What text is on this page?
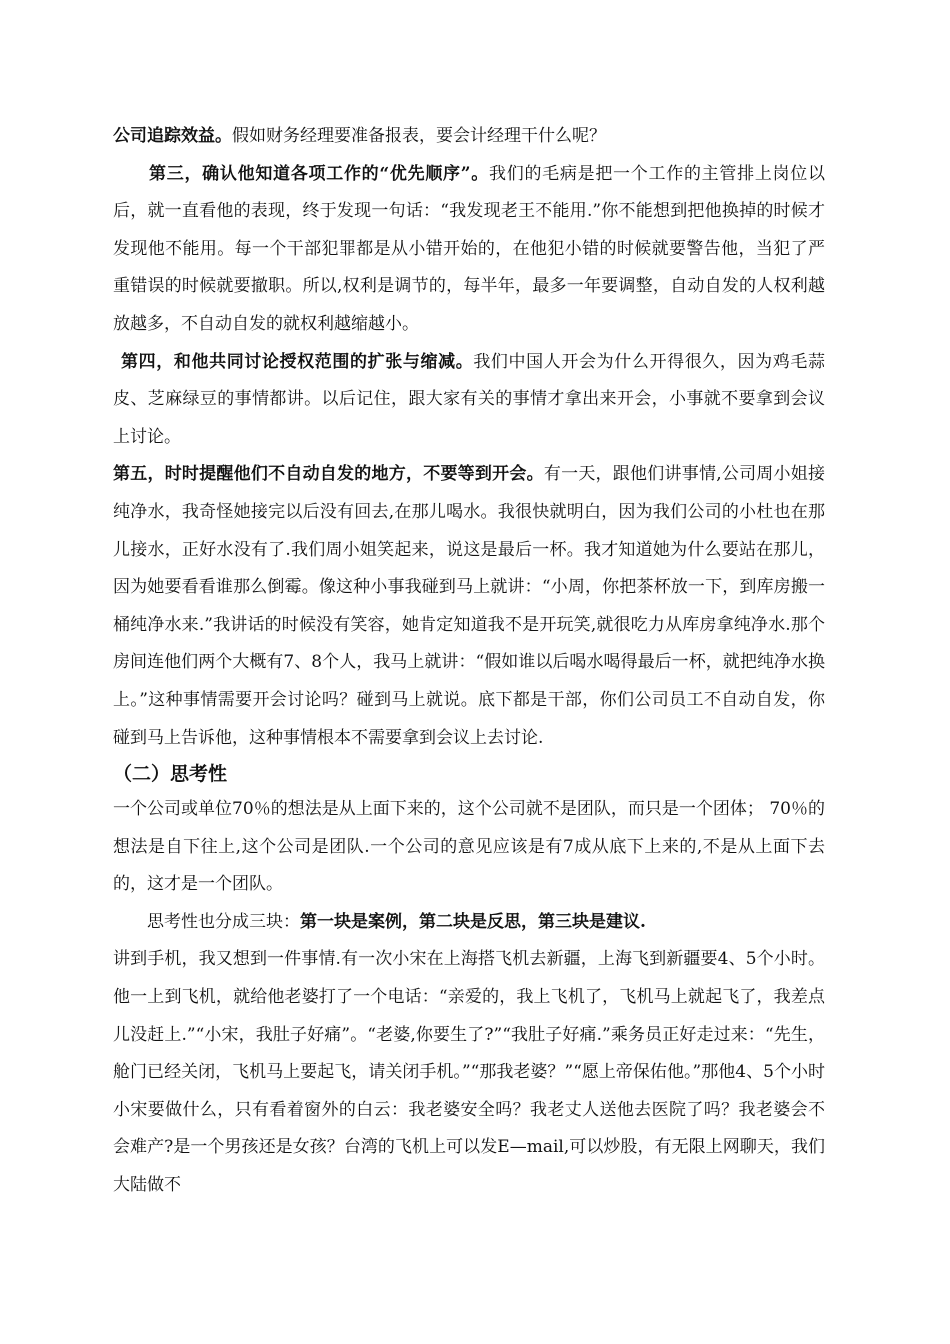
公司追踪效益。假如财务经理要准备报表，要会计经理干什么呢？

第三，确认他知道各项工作的“优先顺序”。我们的毛病是把一个工作的主管排上岗位以后，就一直看他的表现，终于发现一句话：“我发现老王不能用.”你不能想到把他换掉的时候才发现他不能用。每一个干部犯罪都是从小错开始的，在他犯小错的时候就要警告他，当犯了严重错误的时候就要撤职。所以,权利是调节的，每半年，最多一年要调整，自动自发的人权利越放越多，不自动自发的就权利越缩越小。

第四，和他共同讨论授权范围的扩张与缩减。我们中国人开会为什么开得很久，因为鸡毛蒜皮、芝麻绿豆的事情都讲。以后记住，跟大家有关的事情才拿出来开会，小事就不要拿到会议上讨论。

第五，时时提醒他们不自动自发的地方，不要等到开会。有一天，跟他们讲事情,公司周小姐接纯净水，我奇怪她接完以后没有回去,在那儿喝水。我很快就明白，因为我们公司的小杜也在那儿接水，正好水没有了.我们周小姐笑起来，说这是最后一杯。我才知道她为什么要站在那儿，因为她要看看谁那么倒霉。像这种小事我碰到马上就讲：“小周，你把茶杯放一下，到库房搬一桶纯净水来.”我讲话的时候没有笑容，她肯定知道我不是开玩笑,就很吃力从库房拿纯净水.那个房间连他们两个大概有7、8个人，我马上就讲：“假如谁以后喝水喝得最后一杯，就把纯净水换上。”这种事情需要开会讨论吗？碰到马上就说。底下都是干部，你们公司员工不自动自发，你碰到马上告诉他，这种事情根本不需要拿到会议上去讨论.

（二）思考性

一个公司或单位70％的想法是从上面下来的，这个公司就不是团队，而只是一个团体； 70％的想法是自下往上,这个公司是团队.一个公司的意见应该是有7成从底下上来的,不是从上面下去的，这才是一个团队。

思考性也分成三块：第一块是案例，第二块是反思，第三块是建议.

讲到手机，我又想到一件事情.有一次小宋在上海搭飞机去新疆，上海飞到新疆要4、5个小时。他一上到飞机，就给他老婆打了一个电话：“亲爱的，我上飞机了，飞机马上就起飞了，我差点儿没赶上.”“小宋，我肚子好痛”。“老婆,你要生了?”“我肚子好痛.”乘务员正好走过来：“先生，舱门已经关闭，飞机马上要起飞，请关闭手机。”“那我老婆？”“愿上帝保佑他。”那他4、5个小时小宋要做什么，只有看着窗外的白云：我老婆安全吗？我老丈人送他去医院了吗？我老婆会不会难产?是一个男孩还是女孩？台湾的飞机上可以发E—mail,可以炒股，有无限上网聊天，我们大陆做不
